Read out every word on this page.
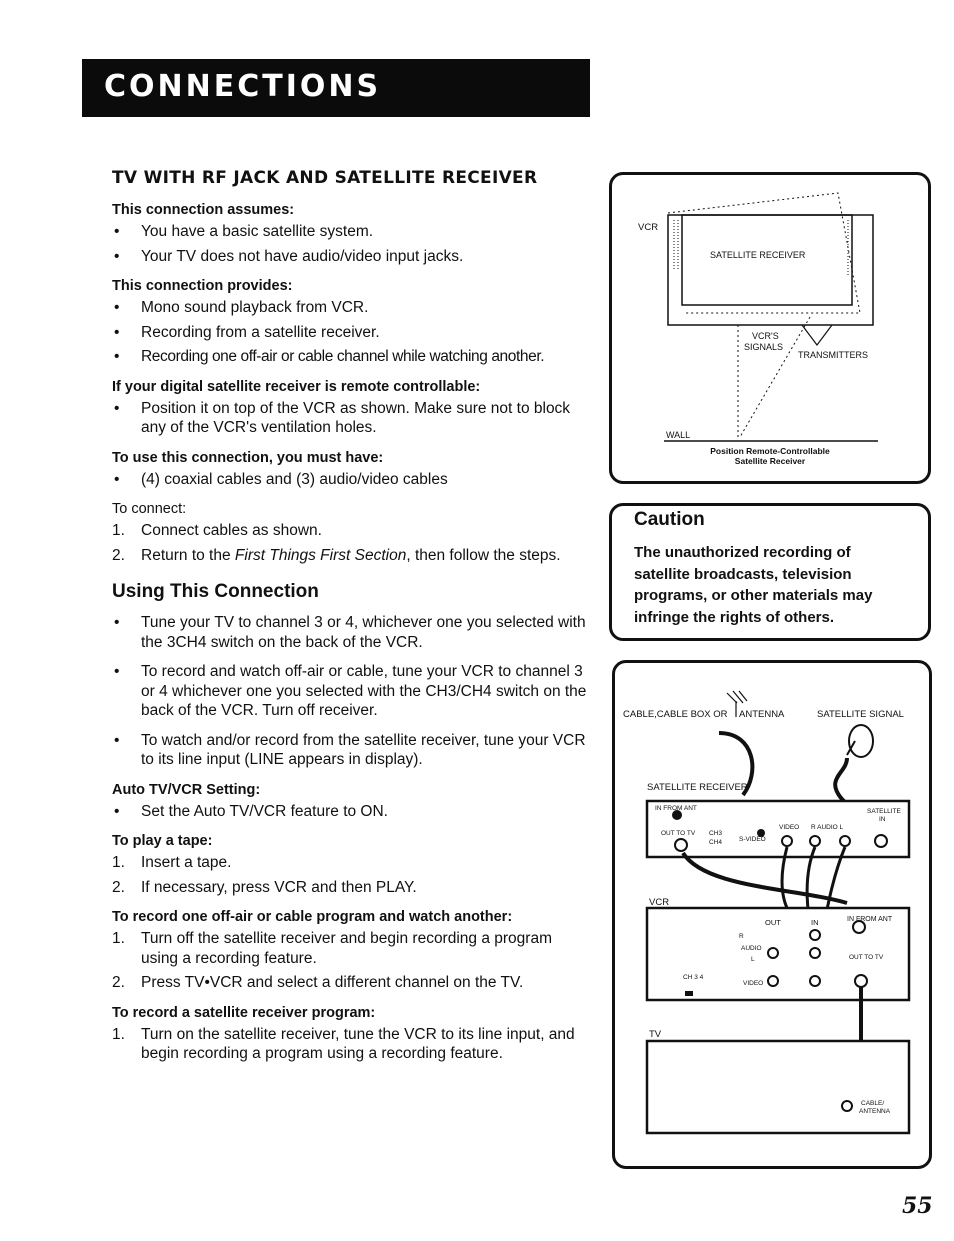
CONNECTIONS
TV WITH RF JACK AND SATELLITE RECEIVER
This connection assumes:
• You have a basic satellite system.
• Your TV does not have audio/video input jacks.
This connection provides:
• Mono sound playback from VCR.
• Recording from a satellite receiver.
• Recording one off-air or cable channel while watching another.
If your digital satellite receiver is remote controllable:
• Position it on top of the VCR as shown. Make sure not to block any of the VCR's ventilation holes.
To use this connection, you must have:
• (4) coaxial cables and (3) audio/video cables
To connect:
1. Connect cables as shown.
2. Return to the First Things First Section, then follow the steps.
Using This Connection
• Tune your TV to channel 3 or 4, whichever one you selected with the 3CH4 switch on the back of the VCR.
• To record and watch off-air or cable, tune your VCR to channel 3 or 4 whichever one you selected with the CH3/CH4 switch on the back of the VCR. Turn off receiver.
• To watch and/or record from the satellite receiver, tune your VCR to its line input (LINE appears in display).
Auto TV/VCR Setting:
• Set the Auto TV/VCR feature to ON.
To play a tape:
1. Insert a tape.
2. If necessary, press VCR and then PLAY.
To record one off-air or cable program and watch another:
1. Turn off the satellite receiver and begin recording a program using a recording feature.
2. Press TV•VCR and select a different channel on the TV.
To record a satellite receiver program:
1. Turn on the satellite receiver, tune the VCR to its line input, and begin recording a program using a recording feature.
VCR
SATELLITE RECEIVER
VCR'S
SIGNALS
TRANSMITTERS
WALL
Position Remote-Controllable
Satellite Receiver
Caution
The unauthorized recording of satellite broadcasts, television programs, or other materials may infringe the rights of others.
CABLE,CABLE BOX OR ANTENNA	SATELLITE SIGNAL
SATELLITE RECEIVER
IN FROM ANT
OUT TO TV CH3
CH4	S-VIDEO
VIDEO R AUDIO L
SATELLITE
IN
VCR
OUT	IN	IN FROM ANT
R
AUDIO
L
VIDEO
CH 3 4
OUT TO TV
TV
CABLE/
ANTENNA
55
